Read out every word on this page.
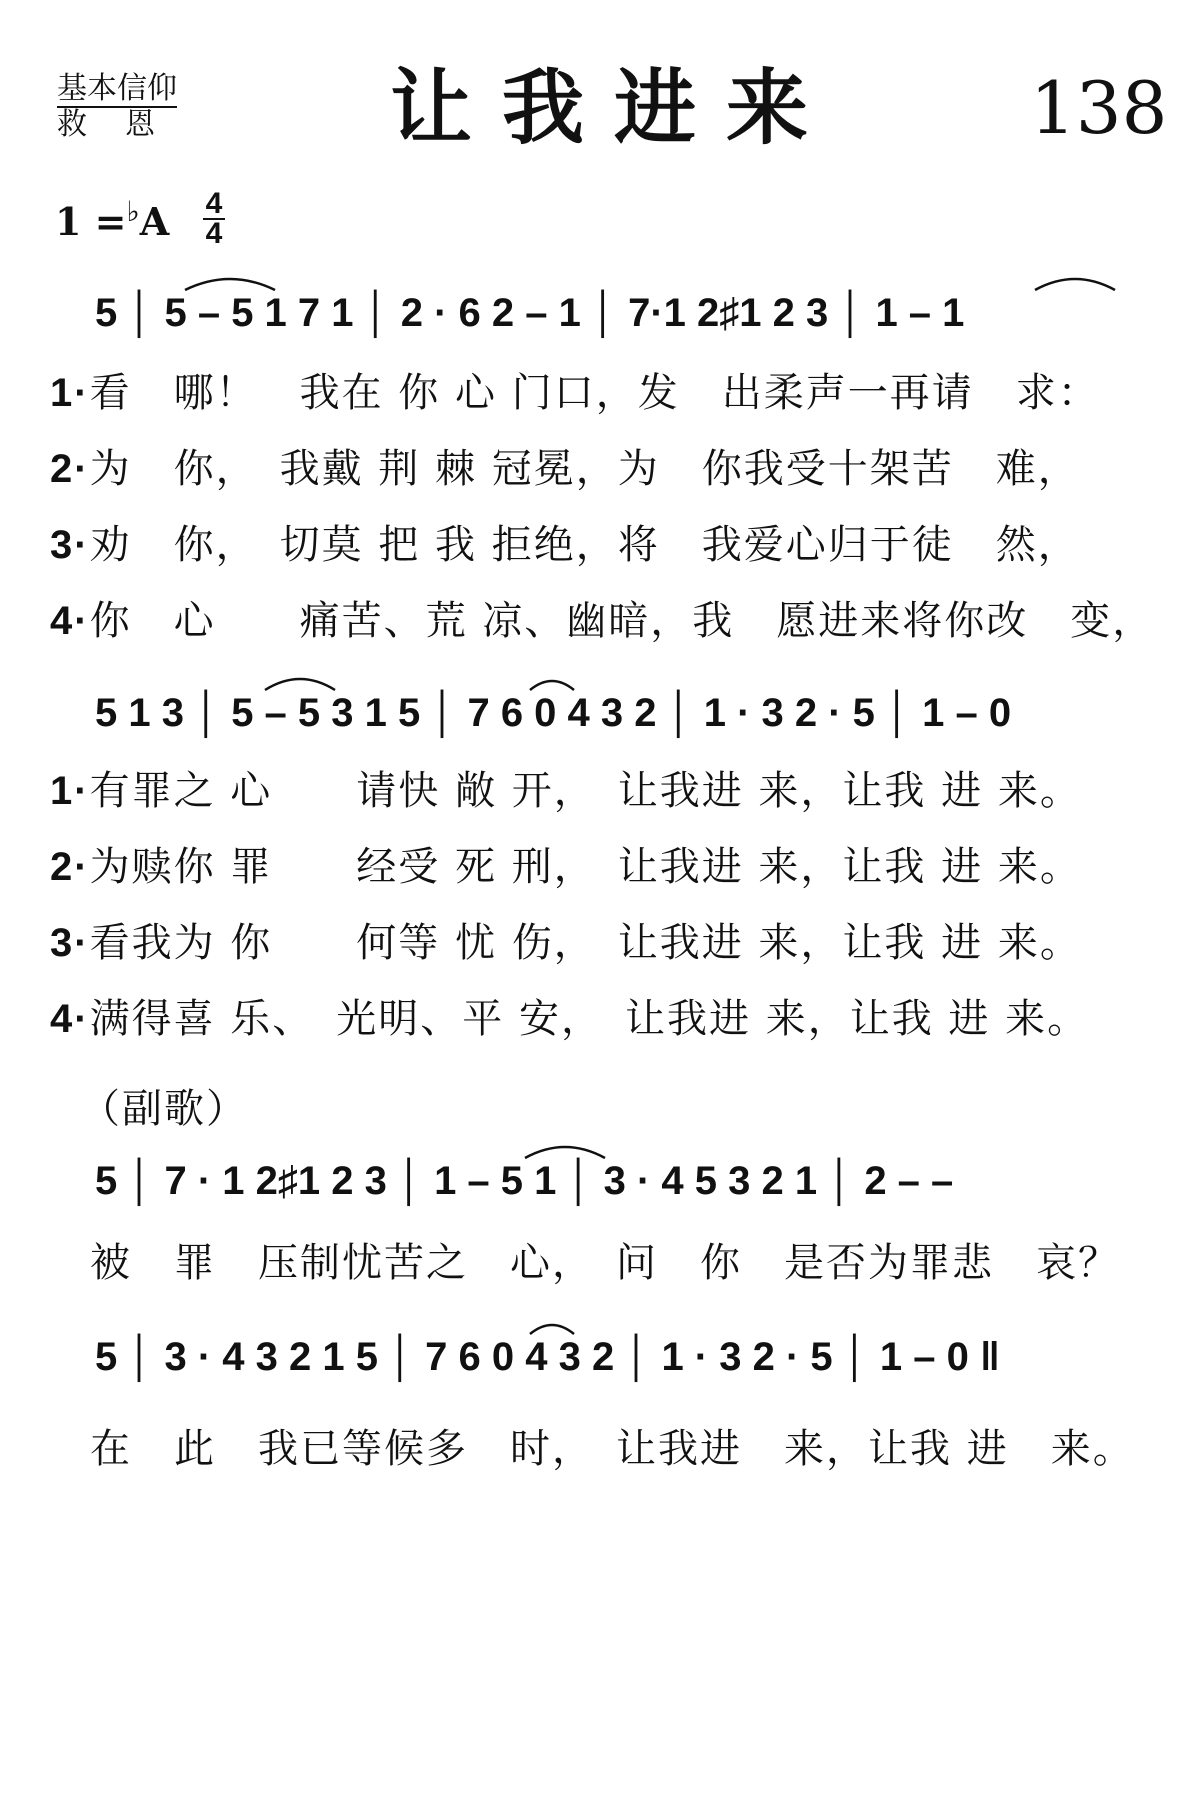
基本信仰
救恩 让我进来	138
$1 =^♭A \frac{4}{4}$
5 │ 5 – 5 1 7 1 │ 2 · 6 2 – 1 │ 7·1 2♯1 2 3 │ 1 – 1
1·看　哪！　我在 你 心 门口，发　出柔声一再请　求：
2·为　你，　我戴 荆 棘 冠冕，为　你我受十架苦　难，
3·劝　你，　切莫 把 我 拒绝，将　我爱心归于徒　然，
4·你　心　　痛苦、荒 凉、幽暗，我　愿进来将你改　变，
5 1 3 │ 5 – 5 3 1 5 │ 7 6 0 4 3 2 │ 1 · 3 2 · 5 │ 1 – 0
1·有罪之 心　　请快 敞 开，　让我进 来，让我 进 来。
2·为赎你 罪　　经受 死 刑，　让我进 来，让我 进 来。
3·看我为 你　　何等 忧 伤，　让我进 来，让我 进 来。
4·满得喜 乐、　光明、平 安，　让我进 来，让我 进 来。
（副歌）
5 │ 7 · 1 2♯1 2 3 │ 1 – 5 1 │ 3 · 4 5 3 2 1 │ 2 – –
被　罪　压制忧苦之　心，　问　你　是否为罪悲　哀？
5 │ 3 · 4 3 2 1 5 │ 7 6 0 4 3 2 │ 1 · 3 2 · 5 │ 1 – 0 ‖
在　此　我已等候多　时，　让我进　来，让我 进　来。
